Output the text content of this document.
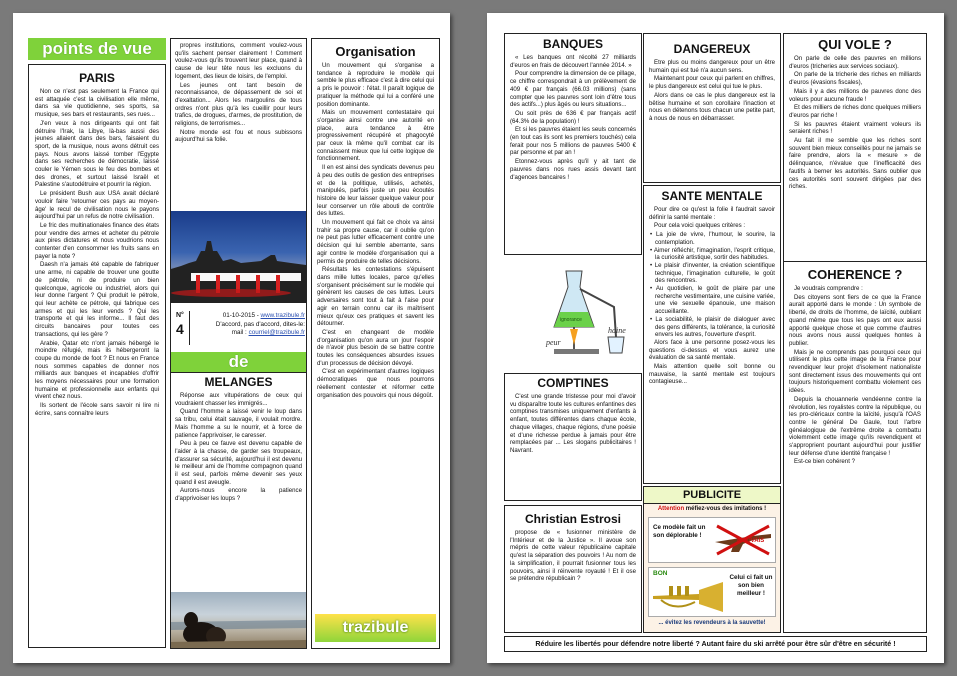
points de vue
PARIS

Non ce n'est pas seulement la France qui est attaquée c'est la civilisation elle même, dans sa vie quotidienne, ses sports, sa musique, ses bars et restaurants, ses rues...

J'en veux à nos dirigeants qui ont fait détruire l'Irak, la Libye, là-bas aussi des jeunes allaient dans des bars, faisaient du sport, de la musique, nous avons détruit ces pays. Nous avons laissé tomber l'Egypte dans ses recherches de démocratie, laissé couler le Yémen sous le feu des bombes et des drones, et surtout laissé Israël et Palestine s'autodétruire et pourrir la région.

Le président Bush aux USA avait déclaré vouloir faire 'retourner ces pays au moyen-âge' le recul de civilisation nous le payons aujourd'hui par un refus de notre civilisation.

Le fric des multinationales finance des états pour vendre des armes et acheter du pétrole aux pires dictatures et nous voudrions nous contenter d'en consommer les fruits sans en payer la note ?

Daesh n'a jamais été capable de fabriquer une arme, ni capable de trouver une goutte de pétrole, ni de produire un bien quelconque, agricole ou industriel, alors qui leur donne l'argent ? Qui produit le pétrole, qui leur achète ce pétrole, qui fabrique ces armes et qui les leur vends ? Qui les transporte et qui les informe... Il faut des circuits bancaires pour toutes ces transactions, qui les gère ?

Arabie, Qatar etc n'ont jamais hébergé le moindre réfugié, mais ils hébergeront la coupe du monde de foot ? Et nous en France nous sommes capables de donner nos milliards aux banques et incapables d'offrir les moyens nécessaires pour une formation humaine et professionnelle aux enfants qui vivent chez nous.

Ils sortent de l'école sans savoir ni lire ni écrire, sans connaître leurs

propres institutions, comment voulez-vous qu'ils sachent penser clairement ! Comment voulez-vous qu'ils trouvent leur place, quand à cause de leur tête nous les excluons du logement, des lieux de loisirs, de l'emploi.

Les jeunes ont tant besoin de reconnaissance, de dépassement de soi et d'exaltation... Alors les margoulins de tous ordres n'ont plus qu'à les cueillir pour leurs trafics, de drogues, d'armes, de prostitution, de religions, de terrorismes...

Notre monde est fou et nous subissons aujourd'hui sa folie.

N°
4
01-10-2015 - www.trazibule.fr
D'accord, pas d'accord, dites-le:
mail : courriel@trazibule.fr
de
MELANGES

Réponse aux vitupérations de ceux qui voudraient chasser les immigrés...

Quand l'homme a laissé venir le loup dans sa tribu, celui était sauvage, il voulait mordre. Mais l'homme a su le nourrir, et à force de patience l'apprivoiser, le caresser.

Peu à peu ce fauve est devenu capable de l'aider à la chasse, de garder ses troupeaux, d'assurer sa sécurité, aujourd'hui il est devenu le meilleur ami de l'homme compagnon quand il est seul, parfois même devenir ses yeux quand il est aveugle.

Aurons-nous encore la patience d'apprivoiser les loups ?

Organisation

Un mouvement qui s'organise a tendance à reproduire le modèle qui semble le plus efficace c'est à dire celui qui a pris le pouvoir : l'état. Il paraît logique de pratiquer la méthode qui lui a conféré une position dominante.

Mais un mouvement contestataire qui s'organise ainsi contre une autorité en place, aura tendance à être progressivement récupéré et phagocyté par ceux là même qu'il combat car ils connaissent mieux que lui cette logique de fonctionnement.

Il en est ainsi des syndicats devenus peu à peu des outils de gestion des entreprises et de la politique, utilisés, achetés, manipulés, parfois juste un peu écoutés histoire de leur laisser quelque valeur pour leur conserver un rôle abouti de contrôle des luttes.

Un mouvement qui fait ce choix va ainsi trahir sa propre cause, car il oublie qu'on ne peut pas lutter efficacement contre une décision qui lui semble aberrante, sans agir contre le modèle d'organisation qui a permis de produire de telles décisions.

Résultats les contestations s'épuisent dans mille luttes locales, parce qu'elles s'organisent précisément sur le modèle qui génèrent les causes de ces luttes. Leurs adversaires sont tout à fait à l'aise pour agir en terrain connu car ils maîtrisent mieux qu'eux ces pratiques et savent les détourner.

C'est en changeant de modèle d'organisation qu'on aura un jour l'espoir de n'avoir plus besoin de se battre contre toutes les conséquences absurdes issues d'un processus de décision dévoyé.

C'est en expérimentant d'autres logiques démocratiques que nous pourrons réellement contester et réformer cette organisation des pouvoirs qui nous dégoût.

trazibule
BANQUES

« Les banques ont récolté 27 milliards d'euros en frais de découvert l'année 2014. »

Pour comprendre la dimension de ce pillage, ce chiffre correspondrait à un prélèvement de 409 € par français (66.03 millions) (sans compter que les pauvres sont loin d'être tous des actifs...) plus âgés ou leurs situations...

Ou soit près de 636 € par français actif (64.3% de la population) !

Et si les pauvres étaient les seuls concernés (en tout cas ils sont les premiers touchés) cela ferait pour nos 5 millions de pauvres 5400 € par personne et par an !

Etonnez-vous après qu'il y ait tant de pauvres dans nos rues assis devant tant d'agences bancaires !

peur
haine
ignorance
COMPTINES

C'est une grande tristesse pour moi d'avoir vu disparaître toute les cultures enfantines des comptines transmises uniquement d'enfants à enfant, toutes différentes dans chaque école, chaque villages, chaque régions, d'une poésie et d'une richesse perdue à jamais pour être remplacées par ... Les slogans publicitaires ! Navrant.

Christian Estrosi

propose de « fusionner ministère de l'Intérieur et de la Justice ». Il avoue son mépris de cette valeur républicaine capitale qu'est la séparation des pouvoirs ! Au nom de la simplification, il pourrait fusionner tous les pouvoirs, ainsi il réinvente royauté ! Et il ose se prétendre républicain ?

DANGEREUX

Etre plus ou moins dangereux pour un être humain qui est tué n'a aucun sens.

Maintenant pour ceux qui parlent en chiffres, le plus dangereux est celui qui tue le plus.

Alors dans ce cas le plus dangereux est la bêtise humaine et son corollaire l'inaction et nous en détenons tous chacun une petite part, à nous de nous en débarrasser.

SANTE MENTALE

Pour dire ce qu'est la folie il faudrait savoir définir la santé mentale :

Pour cela voici quelques critères :

• La joie de vivre, l'humour, le sourire, la contemplation.
• Aimer réfléchir, l'imagination, l'esprit critique, la curiosité artistique, sortir des habitudes.
• Le plaisir d'inventer, la création scientifique technique, l'imagination culturelle, le goût des rencontres.
• Au quotidien, le goût de plaire par une recherche vestimentaire, une cuisine variée, une vie sexuelle épanouie, une maison accueillante.
• La sociabilité, le plaisir de dialoguer avec des gens différents, la tolérance, la curiosité envers les autres, l'ouverture d'esprit.

Alors face à une personne posez-vous les questions ci-dessus et vous aurez une évaluation de sa santé mentale.

Mais attention quelle soit bonne ou mauvaise, la santé mentale est toujours contagieuse...

PUBLICITE
Attention méfiez-vous des imitations !
Ce modèle fait un son déplorable !
MAUVAIS
BON
Celui ci fait un son bien meilleur !
... évitez les revendeurs à la sauvette!
QUI VOLE ?

On parle de celle des pauvres en millions d'euros (tricheries aux services sociaux).

On parle de la tricherie des riches en milliards d'euros (évasions fiscales),

Mais il y a des millions de pauvres donc des voleurs pour aucune fraude !

Et des milliers de riches donc quelques milliers d'euros par riche !

Si les pauvres étaient vraiment voleurs ils seraient riches !

Au fait il me semble que les riches sont souvent bien mieux conseillés pour ne jamais se faire prendre, alors la « mesure » de délinquance, n'évalue que l'inefficacité des fautifs à berner les autorités. Sans oublier que ces autorités sont souvent dirigées par des riches.

COHERENCE ?

Je voudrais comprendre :

Des citoyens sont fiers de ce que la France aurait apporté dans le monde : Un symbole de liberté, de droits de l'homme, de laïcité, oubliant quand même que tous les pays ont eux aussi apporté quelque chose et que comme d'autres nous avons nous aussi quelques hontes à publier.

Mais je ne comprends pas pourquoi ceux qui utilisent le plus cette image de la France pour revendiquer leur projet d'isolement nationaliste sont directement issus des mouvements qui ont toujours historiquement combattu violement ces idées.

Depuis la chouannerie vendéenne contre la révolution, les royalistes contre la république, ou les pro-cléricaux contre la laïcité, jusqu'à l'OAS contre le général De Gaule, tout l'arbre généalogique de l'extrême droite a combattu violemment cette image qu'ils revendiquent et s'approprient pourtant aujourd'hui pour justifier leur défense d'une identité française !

Est-ce bien cohérent ?

Réduire les libertés pour défendre notre liberté ? Autant faire du ski arrêté pour être sûr d'être en sécurité !
